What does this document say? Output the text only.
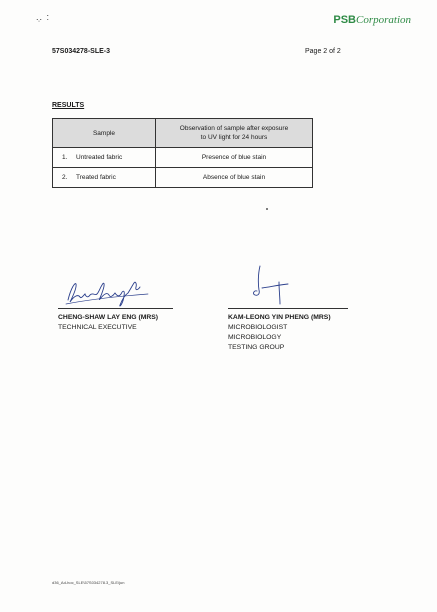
..̣ :	PSBCorporation
57S034278-SLE-3	Page 2 of 2
RESULTS
Sample	Observation of sample after exposure
to UV light for 24 hours
1. Untreated fabric	Presence of blue stain
2. Treated fabric	Absence of blue stain
CHENG-SHAW LAY ENG (MRS)
TECHNICAL EXECUTIVE
KAM-LEONG YIN PHENG (MRS)
MICROBIOLOGIST
MICROBIOLOGY
TESTING GROUP
d36_Ad-hoc_SLE\57S034278.3_SLE/jun
